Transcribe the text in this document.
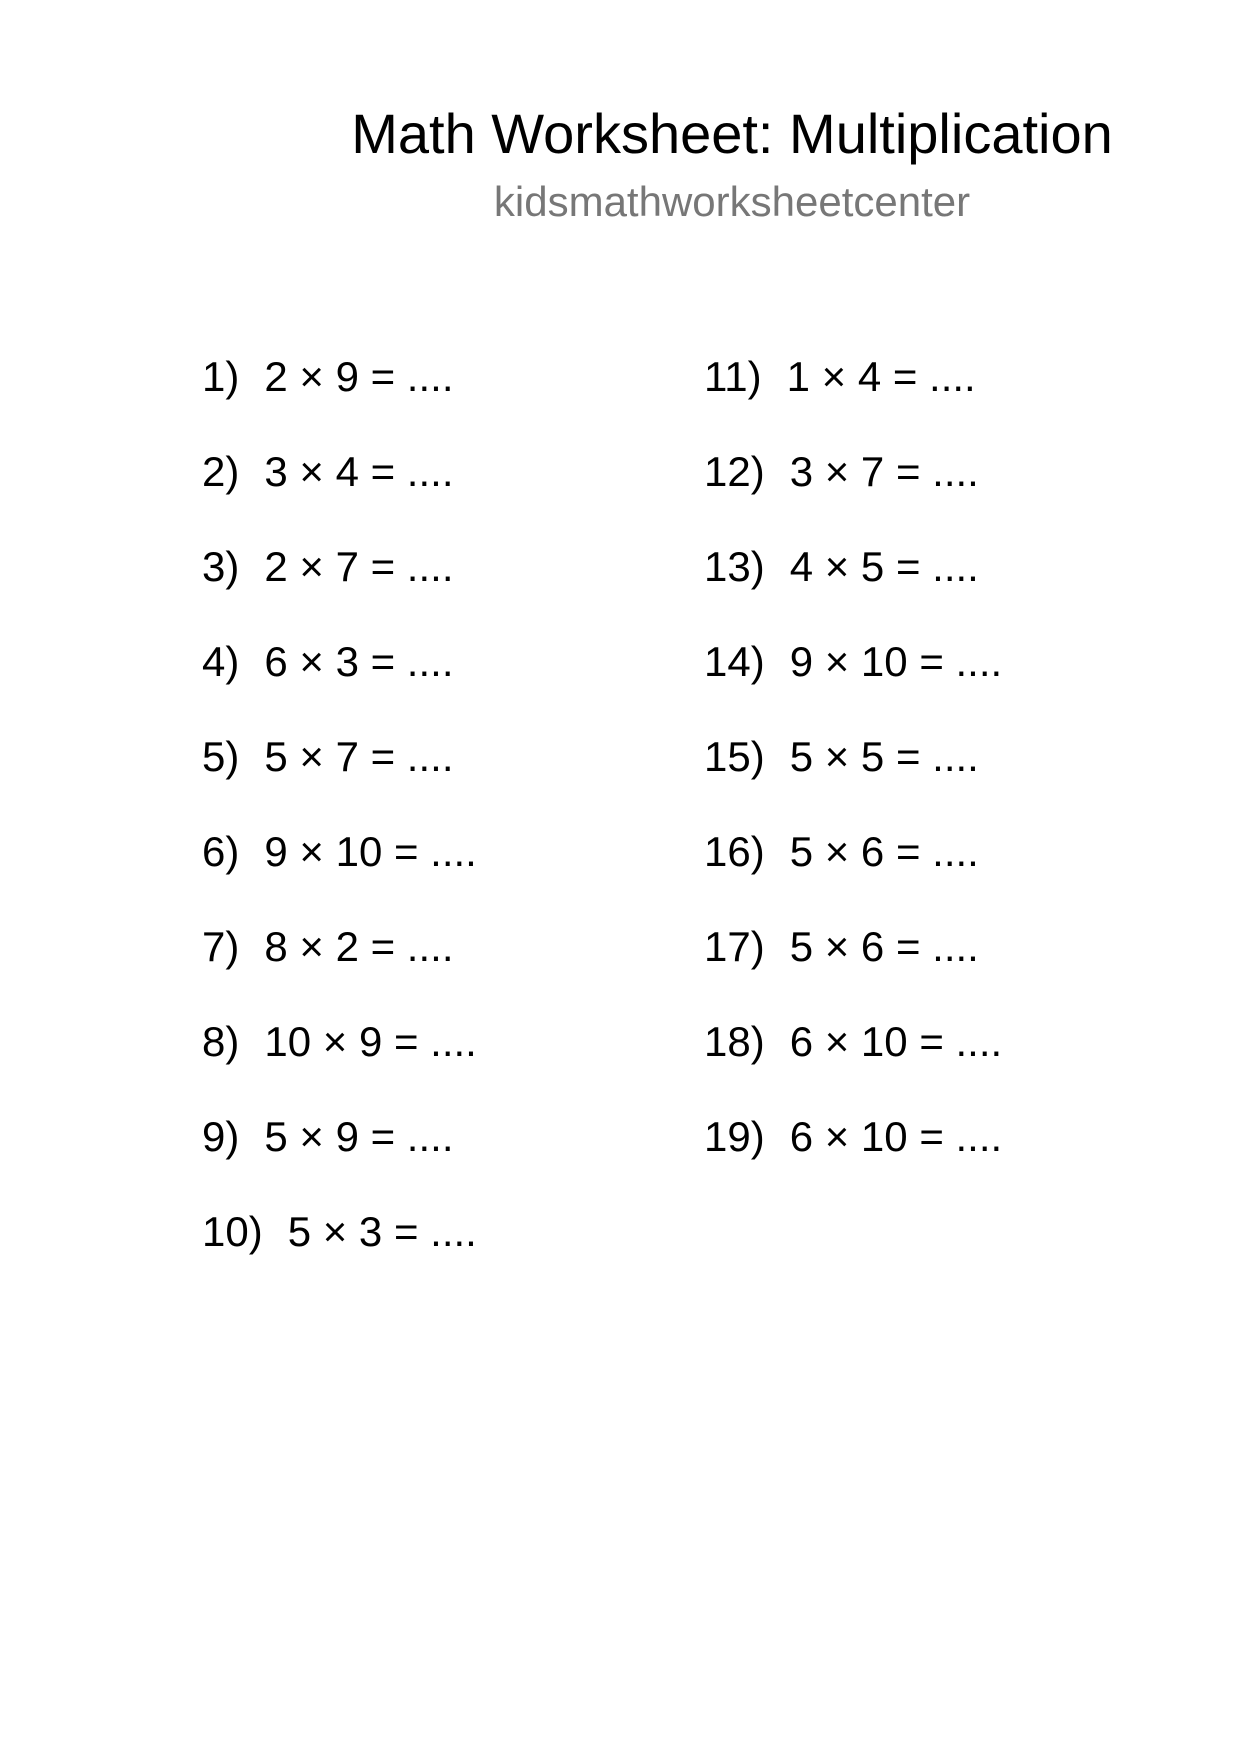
Math Worksheet: Multiplication
kidsmathworksheetcenter
1) 2 × 9 = ....
2) 3 × 4 = ....
3) 2 × 7 = ....
4) 6 × 3 = ....
5) 5 × 7 = ....
6) 9 × 10 = ....
7) 8 × 2 = ....
8) 10 × 9 = ....
9) 5 × 9 = ....
10) 5 × 3 = ....
11) 1 × 4 = ....
12) 3 × 7 = ....
13) 4 × 5 = ....
14) 9 × 10 = ....
15) 5 × 5 = ....
16) 5 × 6 = ....
17) 5 × 6 = ....
18) 6 × 10 = ....
19) 6 × 10 = ....
